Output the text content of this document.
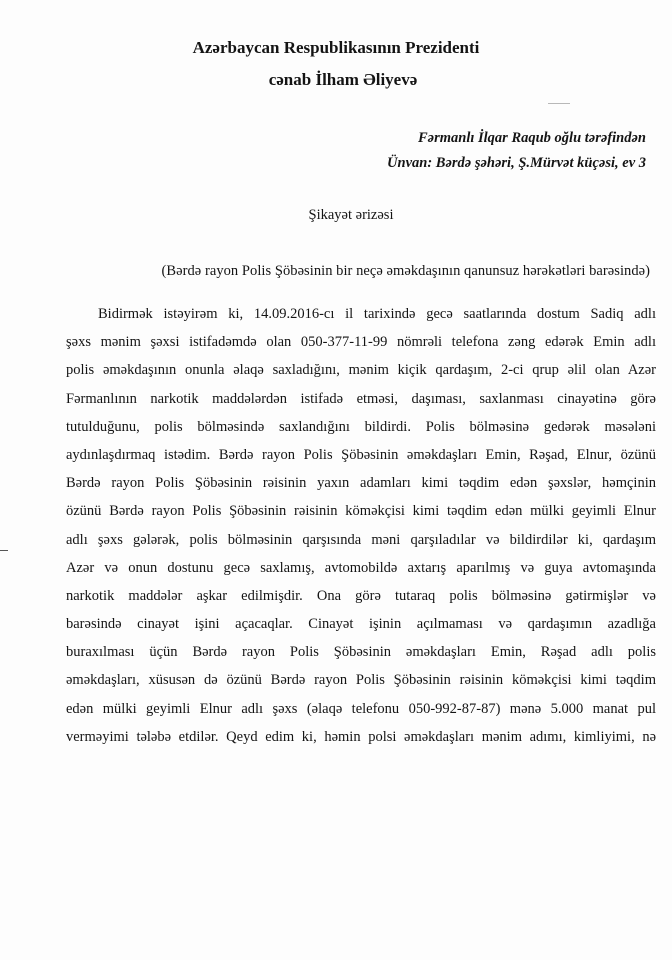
Azərbaycan Respublikasının Prezidenti
cənab İlham Əliyevə
Fərmanlı İlqar Raqub oğlu tərəfindən
Ünvan: Bərdə şəhəri, Ş.Mürvət küçəsi, ev 3
Şikayət ərizəsi
(Bərdə rayon Polis Şöbəsinin bir neçə əməkdaşının qanunsuz hərəkətləri barəsində)
Bidirmək istəyirəm ki, 14.09.2016-cı il tarixində gecə saatlarında dostum Sadiq adlı
şəxs mənim şəxsi istifadəmdə olan 050-377-11-99 nömrəli telefona zəng edərək Emin adlı
polis əməkdaşının onunla əlaqə saxladığını, mənim kiçik qardaşım, 2-ci qrup əlil olan Azər
Fərmanlının narkotik maddələrdən istifadə etməsi, daşıması, saxlanması cinayətinə görə
tutulduğunu, polis bölməsində saxlandığını bildirdi. Polis bölməsinə gedərək məsələni
aydınlaşdırmaq istədim. Bərdə rayon Polis Şöbəsinin əməkdaşları Emin, Rəşad, Elnur, özünü
Bərdə rayon Polis Şöbəsinin rəisinin yaxın adamları kimi təqdim edən şəxslər, həmçinin
özünü Bərdə rayon Polis Şöbəsinin rəisinin köməkçisi kimi təqdim edən mülki geyimli Elnur
adlı şəxs gələrək, polis bölməsinin qarşısında məni qarşıladılar və bildirdilər ki, qardaşım
Azər və onun dostunu gecə saxlamış, avtomobildə axtarış aparılmış və guya avtomaşında
narkotik maddələr aşkar edilmişdir. Ona görə tutaraq polis bölməsinə gətirmişlər və
barəsində cinayət işini açacaqlar. Cinayət işinin açılmaması və qardaşımın azadlığa
buraxılması üçün Bərdə rayon Polis Şöbəsinin əməkdaşları Emin, Rəşad adlı polis
əməkdaşları, xüsusən də özünü Bərdə rayon Polis Şöbəsinin rəisinin köməkçisi kimi təqdim
edən mülki geyimli Elnur adlı şəxs (əlaqə telefonu 050-992-87-87) mənə 5.000 manat pul
verməyimi tələbə etdilər. Qeyd edim ki, həmin polsi əməkdaşları mənim adımı, kimliyimi, nə
